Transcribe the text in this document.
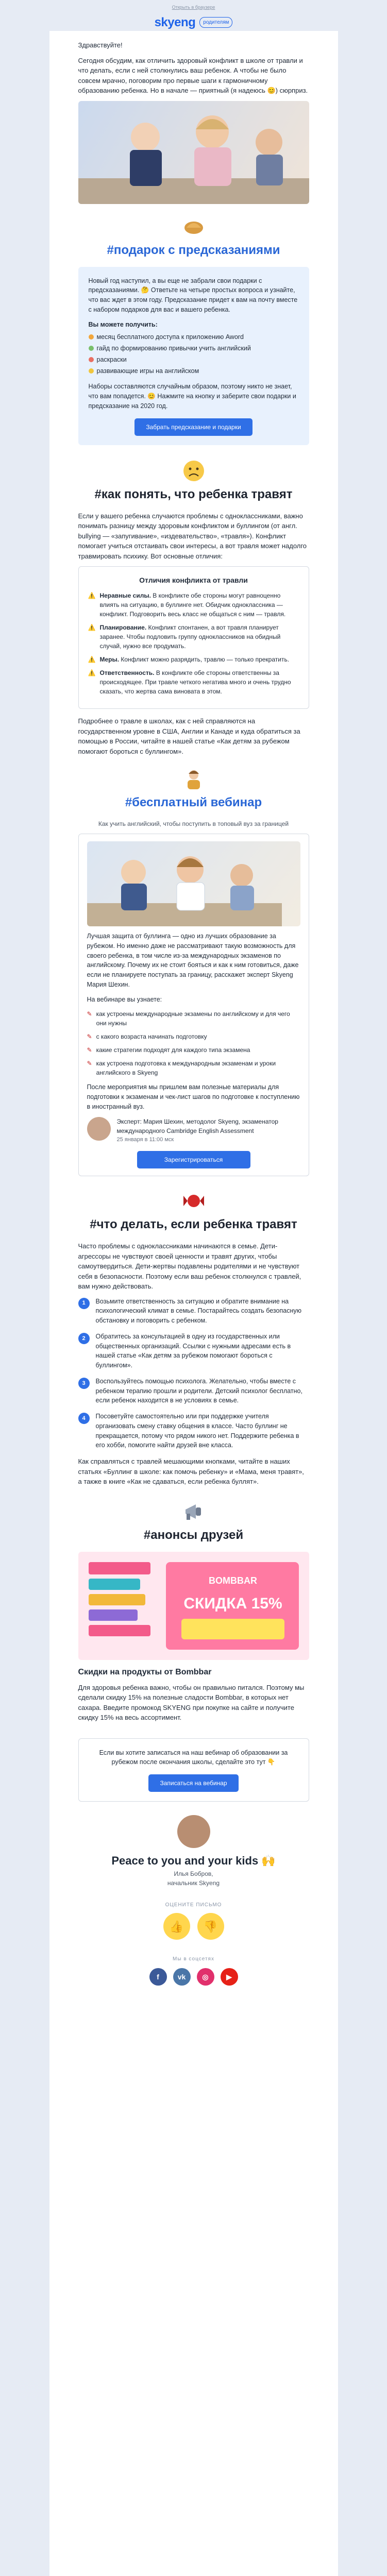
Открыть в браузере
skyeng	родителям

Здравствуйте!

Сегодня обсудим, как отличить здоровый конфликт в школе от травли и что делать, если с ней столкнулись ваш ребенок. А чтобы не было совсем мрачно, поговорим про первые шаги к гармоничному образованию ребенка. Но в начале — приятный (я надеюсь 😊) сюрприз.

#подарок с предсказаниями

Новый год наступил, а вы еще не забрали свои подарки с предсказаниями. 🤔 Ответьте на четыре простых вопроса и узнайте, что вас ждет в этом году. Предсказание придет к вам на почту вместе с набором подарков для вас и вашего ребенка.

Вы можете получить:

месяц бесплатного доступа к приложению Aword
гайд по формированию привычки учить английский
раскраски
развивающие игры на английском

Наборы составляются случайным образом, поэтому никто не знает, что вам попадется. 😊 Нажмите на кнопку и заберите свои подарки и предсказание на 2020 год.

Забрать предсказание и подарки
#как понять, что ребенка травят

Если у вашего ребенка случаются проблемы с одноклассниками, важно понимать разницу между здоровым конфликтом и буллингом (от англ. bullying — «запугивание», «издевательство», «травля»). Конфликт помогает учиться отстаивать свои интересы, а вот травля может надолго травмировать психику. Вот основные отличия:

Отличия конфликта от травли
⚠️ Неравные силы. В конфликте обе стороны могут равноценно влиять на ситуацию, в буллинге нет. Обидчик одноклассника — конфликт. Подговорить весь класс не общаться с ним — травля.
⚠️ Планирование. Конфликт спонтанен, а вот травля планирует заранее. Чтобы подловить группу одноклассников на обидный случай, нужно все продумать.
⚠️ Меры. Конфликт можно разрядить, травлю — только прекратить.
⚠️ Ответственность. В конфликте обе стороны ответственны за происходящее. При травле четкого негатива много и очень трудно сказать, что жертва сама виновата в этом.

Подробнее о травле в школах, как с ней справляются на государственном уровне в США, Англии и Канаде и куда обратиться за помощью в России, читайте в нашей статье «Как детям за рубежом помогают бороться с буллингом».

#бесплатный вебинар
Как учить английский, чтобы поступить в топовый вуз за границей

Лучшая защита от буллинга — одно из лучших образование за рубежом. Но именно даже не рассматривают такую возможность для своего ребенка, в том числе из-за международных экзаменов по английскому. Почему их не стоит бояться и как к ним готовиться, даже если не планируете поступать за границу, расскажет эксперт Skyeng Мария Шехин.

На вебинаре вы узнаете:

✎ как устроены международные экзамены по английскому и для чего они нужны
✎ с какого возраста начинать подготовку
✎ какие стратегии подходят для каждого типа экзамена
✎ как устроена подготовка к международным экзаменам и уроки английского в Skyeng

После мероприятия мы пришлем вам полезные материалы для подготовки к экзаменам и чек-лист шагов по подготовке к поступлению в иностранный вуз.

Эксперт: Мария Шехин, методолог Skyeng, экзаменатор международного Cambridge English Assessment
25 января в 11:00 мск
Зарегистрироваться
#что делать, если ребенка травят

Часто проблемы с одноклассниками начинаются в семье. Дети-агрессоры не чувствуют своей ценности и травят других, чтобы самоутвердиться. Дети-жертвы подавлены родителями и не чувствуют себя в безопасности. Поэтому если ваш ребенок столкнулся с травлей, вам нужно действовать.

1	Возьмите ответственность за ситуацию и обратите внимание на психологический климат в семье. Постарайтесь создать безопасную обстановку и поговорить с ребенком.
2	Обратитесь за консультацией в одну из государственных или общественных организаций. Ссылки с нужными адресами есть в нашей статье «Как детям за рубежом помогают бороться с буллингом».
3	Воспользуйтесь помощью психолога. Желательно, чтобы вместе с ребенком терапию прошли и родители. Детский психолог бесплатно, если ребенок находится в не условиях в семье.
4	Посоветуйте самостоятельно или при поддержке учителя организовать смену ставку общения в классе. Часто буллинг не прекращается, потому что рядом никого нет. Поддержите ребенка в его хобби, помогите найти друзей вне класса.

Как справляться с травлей мешающими кнопками, читайте в наших статьях «Буллинг в школе: как помочь ребенку» и «Мама, меня травят», а также в книге «Как не сдаваться, если ребенка буллят».

#анонсы друзей
BOMBBAR
СКИДКА 15%
Скидки на продукты от Bombbar

Для здоровья ребенка важно, чтобы он правильно питался. Поэтому мы сделали скидку 15% на полезные сладости Bombbar, в которых нет сахара. Введите промокод SKYENG при покупке на сайте и получите скидку 15% на весь ассортимент.

Если вы хотите записаться на наш вебинар об образовании за рубежом после окончания школы, сделайте это тут 👇

Записаться на вебинар
Peace to you and your kids 🙌
Илья Бобров,
начальник Skyeng
ОЦЕНИТЕ ПИСЬМО
👍	👎
Мы в соцсетях
f	vk	◎	▶
